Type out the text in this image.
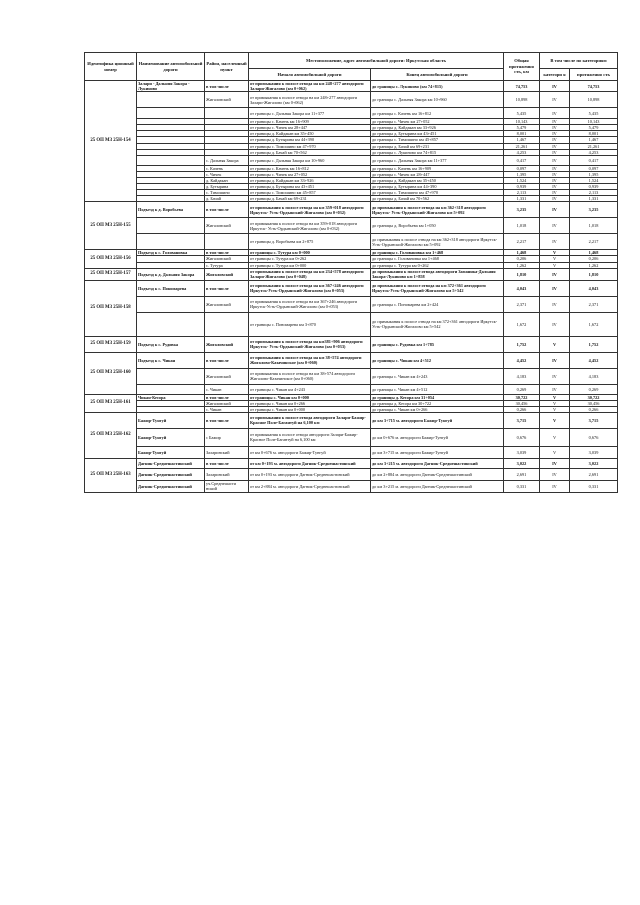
Идентифика ционный номер	Наименование автомобильной дороги	Район, населенный пункт	Местоположение, адрес автомобильной дороги: Иркутская область		Общая протяженно сть, км	В том числе по категориям	
			Начало автомобильной дороги	Конец автомобильной дороги		категори я	протяженно сть
25 ОП МЗ 25Н-154	Залари - Дальняя Закора - Лукиново	в том числе	от примыкания к полосе отвода на км 248+277 автодороги Залари-Жигалово (км 0+062)	до границы с. Лукиново (км 74+815)	74,753	IV	74,753
		Жигаловский	от примыкания к полосе отвода на км 248+277 автодороги Залари-Жигалово (км 0+062)	до границы с. Дальняя Закора км 10+960	10,898	IV	10,898
			от границы с. Дальняя Закора км 11+377	до границы с. Качень км 16+812	5,435	IV	5,435
			от границы с. Качень км 16+909	до границы с. Чичек км 27+052	10,143	IV	10,143
			от границы с. Чичек км 28+447	до границы д. Кайдакан км 33+926	5,479	IV	5,479
			от границы д. Кайдакан км 35+450	до границы д. Бутырина км 43+451	8,001	IV	8,001
			от границы д. Бутырина км 44+390	до границы с. Тимошино км 45+857	1,467	IV	1,467
			от границы с. Тимошино км 47+970	до границы д. Бачай км 69+231	21,261	IV	21,261
			от границы д. Бачай км 70+562	до границы с. Лукиново км 74+815	4,253	IV	4,253
		с. Дальняя Закора	от границы с. Дальняя Закора км 10+960	до границы с. Дальняя Закора км 11+377	0,417	IV	0,417
		с. Качень	от границы с. Качень км 16+812	до границы с. Качень км 16+909	0,097	IV	0,097
		с. Чичек	от границы с. Чичек км 27+052	до границы с. Чичек км 28+447	1,395	IV	1,395
		д. Кайдакан	от границы д. Кайдакан км 33+926	до границы д. Кайдакан км 35+450	1,524	IV	1,524
		д. Бутырина	от границы д. Бутырина км 43+451	до границы д. Бутырина км 44+390	0,939	IV	0,939
		с. Тимошино	от границы с. Тимошино км 45+857	до границы с. Тимошино км 47+970	2,113	IV	2,113
		д. Бачай	от границы д. Бачай км 69+231	до границы д. Бачай км 70+562	1,331	IV	1,331
25 ОП МЗ 25Н-155	Подъезд к д. Воробьева	в том числе	от примыкания к полосе отвода на км 359+018 автодороги Иркутск- Усть-Ордынский-Жигалово (км 0+032)	до примыкания к полосе отвода на км 362+318 автодороги Иркутск- Усть-Ордынский-Жигалово км 5+092	3,235	IV	3,235
		Жигаловский	от примыкания к полосе отвода на км 359+018 автодороги Иркутск- Усть-Ордынский-Жигалово (км 0+032)	до границы д. Воробьева км 1+050	1,018	IV	1,018
			от границы д. Воробьева км 2+875	до примыкания к полосе отвода на км 362+318 автодороги Иркутск-Усть-Ордынский-Жигалово км 5+092	2,217	IV	2,217
25 ОП МЗ 25Н-156	Подъезд к с. Головановка	в том числе	от границы с. Тутура км 0+000	до границы с. Головановка км 1+468	1,468	V	1,468
		Жигаловский	от границы с. Тутура км 0+262	до границы с. Головановка км 1+468	0,206	V	0,206
		с. Тутура	от границы с. Тутура км 0+000	до границы с. Тутура км 0+262	1,262	V	1,262
25 ОП МЗ 25Н-157	Подъезд к д. Дальняя Закора	Жигаловский	от примыкания к полосе отвода на км 234+578 автодороги Залари-Жигалово (км 0+048)	до примыкания к полосе отвода автодороги Заманнка-Дальняя Закора-Лукиново км 1+858	1,810	IV	1,810
25 ОП МЗ 25Н-158	Подъезд к с. Пономарева	в том числе	от примыкания к полосе отвода на км 367+246 автодороги Иркутск-Усть-Ордынский-Жигалово (км 0+053)	до примыкания к полосе отвода на км 372+361 автодороги Иркутск-Усть-Ордынский-Жигалово км 5+542	4,043	IV	4,043
		Жигаловский	от примыкания к полосе отвода на км 367+246 автодороги Иркутск-Усть-Ордынский-Жигалово (км 0+053)	до границы с. Пономарева км 2+424	2,371	IV	2,371
			от границы с. Пономарева км 3+870	до примыкания к полосе отвода на км 372+361 автодороги Иркутск-Усть-Ордынский-Жигалово км 5+542	1,672	IV	1,672
25 ОП МЗ 25Н-159	Подъезд к с. Рудовка	Жигаловский	от примыкания к полосе отвода на км381+906 автодороги Иркутск- Усть-Ордынский-Жигалово (км 0+033)	до границы с. Рудовка км 1+785	1,752	V	1,752
25 ОП МЗ 25Н-160	Подъезд к с. Чикан	в том числе	от примыкания к полосе отвода на км 38+574 автодороги Жигалово-Казачинское (км 0+060)	до границы с. Чикан км 4+512	4,452	IV	4,452
		Жигаловский	от примыкания к полосе отвода на км 38+574 автодороги Жигалово-Казачинское (км 0+060)	до границы с. Чикан км 4+243	4,183	IV	4,183
		с. Чикан	от границы с. Чикан км 4+243	до границы с. Чикан км 4+512	0,269	IV	0,269
25 ОП МЗ 25Н-161	Чикан-Кеєора	в том числе	от границы с. Чикан км 0+000	до границы д. Кеєора км 31+054	30,722	V	30,722
		Жигаловский	от границы с. Чикан км 0+266	до границы д. Кеєора км 30+722	30,456	V	30,456
		с. Чикан	от границы с. Чикан км 0+000	до границы с. Чикан км 0+266	0,266	V	0,266
25 ОП МЗ 25Н-162	Бажир-Тунгуй	в том числе	от примыкания к полосе отвода автодороги Залари-Бажир-Красное Поле-Багантуй на 6,100 км	до км 3+715 м. автодороги Бажир-Тунгуй	3,715	V	3,715
	Бажир-Тунгуй	с Бажир	от примыкания к полосе отвода автодороги Залари-Бажир-Красное Поле-Багантуй на 6,100 км	до км 0+676 м. автодороги Бажир-Тунгуй	0,676	V	0,676
	Бажир-Тунгуй	Заларинский	от км 0+676 м. автодороги Бажир-Тунгуй	до км 3+715 м. автодороги Бажир-Тунгуй	3,039	V	3,039
25 ОП МЗ 25Н-163	Дагник-Среднешастинский	в том числе	от км 0+193 м. автодороги Дагник-Среднешастинский	до км 3+215 м. автодороги Дагник-Среднешастинский	3,022	IV	3,022
	Дагник-Среднешастинский	Заларинский	от км 0+193 м. автодороги Дагник-Среднешастинский	до км 2+884 м. автодороги Дагник-Среднешастинский	2,691	IV	2,691
	Дагник-Среднешастинский	уч.Среднешасти нский	от км 2+884 м. автодороги Дагник-Среднешастинский	до км 3+215 м. автодороги Дагник-Среднешастинский	0,331	IV	0,331
